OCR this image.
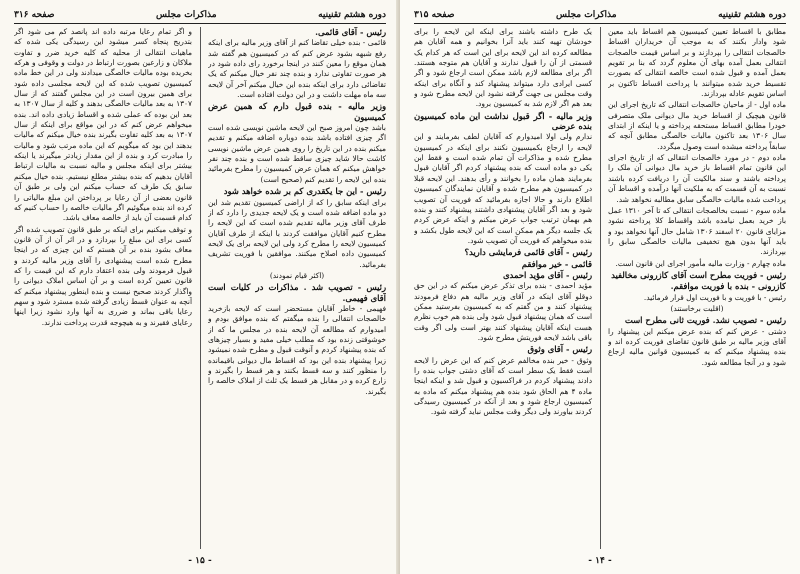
دوره هشتم تقنینیه
مذاکرات مجلس
صفحه ۳۱۶

رئیس - آقای قائمی.

قائمی - بنده خیلی تقاضا کنم از آقای وزیر مالیه برای اینکه رفع شبهه بشود عرض کنم که در کمیسیون هم گفته شد همان موقع را معین کنند در اینجا برخورد رای داده شود در هر صورت تفاوتی ندارد و بنده چند نفر خیال میکنم که یک تقاضائی دارد برای اینکه بنده این خیال میکنم آخر آن لایحه سه ماه مهلت داشت و در این دولت افتاده است.

وزیر مالیه - بنده قبول دارم که همین عرض کمیسیون

باشد چون امروز صبح این لایحه ماشین نویسی شده است اگر چیزی افتاده باشد بنده دوباره اضافه میکنم و تقدیم میکنم بنده در این تاریخ را روی همین عرض ماشین نویسی کاشت حالا شاید چیزی ساقط شده است و بنده چند نفر خواهش میکنم که همان عرض کمیسیون را مطرح بفرمائید بنده این لایحه را تقدیم کنم (صحیح است)

رئیس - این جا یکقدری کم بر شده خواهد شود

برای اینکه سابق را که از اراضی کمیسیون تقدیم شد این دو ماده اضافه شده است و یک لایحه جدیدی را دارد که از طرف آقای وزیر مالیه تقدیم شده است که این لایحه را مطرح کنیم آقایان موافقت کردند با اینکه از طرف آقایان کمیسیون لایحه را مطرح کرد ولی این لایحه برای یک لایحه کمیسیون داده اصلاح میکنند. موافقین با فوریت تشریف بفرمائید.

(اکثر قیام نمودند)

رئیس - تصویب شد . مذاکرات در کلیات است آقای فهیمی.

فهیمی - خاطر آقایان مستحضر است که لایحه بازخرید خالصجات انتقالی را بنده میگفتم که بنده موافق بودم و امیدوارم که مطالعه آن لایحه بنده در مجلس ما که از خوشوقتی زنده بود که مطلب خیلی مفید و بسیار چیزهای که بنده پیشنهاد کردم و آنوقت قبول و مطرح شده نمیشود زیرا پیشنهاد بنده این بود که اقساط مال دیوانی باقیمانده را منظور کنند و سه قسط بکنند و هر قسط را بگیرند و زارع کرده و در مقابل هر قسط یک ثلث از املاک خالصه را بگیرند.

و اگر تمام رعایا مرتبه داده اند پانصد کم می شود اگر بتدریج پنجاه کسر میشود این رسیدگی یکی شده که ماهیات انتقالی از محلیه که کلیه خرید ضرر و تفاوت ملاکان و زارعین بصورت ارتباط در دولت و وقوفی و هرکه بخریده بوده مالیات خالصگی میدادند ولی در این خط ماده کمیسیون تصویب شده که این لایحه مجلسی داده شود برای همین بیرون است در این مجلس گفتند که از سال ۱۳۰۷ به بعد مالیات خالصگی بدهند و کلیه از سال ۱۳۰۷ به بعد این بوده که عملی شده و اقساط زیادی داده اند. بنده میخواهم عرض کنم که در این مواقع برای اینکه از سال ۱۳۰۷ به بعد کلیه تفاوت بگیرند بنده خیال میکنم که مالیات بدهند این بود که میگویم که این ماده مرتب شود و مالیات را مبادرت کرد و بنده از این مقدار زیادتر میگیرند یا اینکه بیشتر برای اینکه مجلس و مالیه نسبت به مالیات ارتباط آقایان بدهیم که بنده بیشتر مطلع نیستیم. بنده خیال میکنم سابق یک طرف که حساب میکنم این ولی بر طبق آن قانون بعضی از آن رعایا بر پرداختن این مبلغ مالیاتی را کرده اند بنده میگوئیم اگر مالیات خالصه را حساب کنیم که کدام قسمت آن باید از خالصه معاف باشد.

و توقف میکنیم برای اینکه بر طبق قانون تصویب شده اگر کسی برای این مبلغ را بپردازد و در اثر آن از آن قانون معاف بشود بنده بر آن هستم که این چیزی که در اینجا مطرح شده است پیشنهادی را آقای وزیر مالیه کردند و قبول فرمودند ولی بنده اعتقاد دارم که این قیمت را که قانون تعیین کرده است و بر آن اساس املاک دیوانی را واگذار کردند صحیح نیست و بنده اینطور پیشنهاد میکنم که آنچه به عنوان قسط زیادی گرفته شده مسترد شود و سهم رعایا باقی بماند و ضرری به آنها وارد نشود زیرا اینها رعایای فقیرند و به هیچوجه قدرت پرداخت ندارند.

- ۱۵ -
دوره هشتم تقنینیه
مذاکرات مجلس
صفحه ۳۱۵

مطابق با اقساط تعیین کمیسیون هم اقساط باید معین شود وادار بکنند که به موجب آن خریداران اقساط خالصجات انتقالی را بپردازند و بر اساس قیمت خالصجات انتقالی بعمل آمده بهای آن معلوم گردد که بنا بر تقویم بعمل آمده و قبول شده است خالصه انتقالی که بصورت تقسیط خرید شده میتوانند با پرداخت اقساط تاکنون بر اساس تقویم عادله بپردازند.

ماده اول - از ماحیان خالصجات انتقالی که تاریخ اجرای این قانون هیچیک از اقساط خرید مال دیوانی ملک متصرفی خودرا مطابق اقساط مستحقه پرداخته و یا اینکه از ابتدای سال ۱۳۰۶ بعد تاکنون مالیات خالصگی مطابق آنچه که سابقاً پرداخته میشده است وصول میگردد.

ماده دوم - در مورد خالصجات انتقالی که از تاریخ اجرای این قانون تمام اقساط باز خرید مال دیوانی آن ملک را پرداخته باشند و سند مالکیت آن را دریافت کرده باشند نسبت به آن قسمت که به ملکیت آنها درآمده و اقساط آن پرداخت شده مالیات خالصگی سابق مطالبه نخواهد شد.

ماده سوم - نسبت بخالصجات انتقالی که تا آخر ۱۳۱۰ عمل باز خرید بعمل نیامده باشد واقساط کلا پرداخته نشود مزایای قانون ۲۰ اسفند ۱۳۰۶ شامل حال آنها نخواهد بود و باید آنها بدون هیچ تخفیفی مالیات خالصگی سابق را بپردازند.

ماده چهارم - وزارت مالیه مأمور اجرای این قانون است.

رئیس - فوریت مطرح است آقای کازرونی مخالفید

کازرونی - بنده با فوریت موافقم.

رئیس - با فوریت و با فوریت اول قرار فرمائید.

(اقلیت برخاستند)

رئیس - تصویب نشد. فوریت ثانی مطرح است

دشتی - عرض کنم که بنده عرض میکنم این پیشنهاد را آقای وزیر مالیه بر طبق قانون تقاضای فوریت کرده اند و بنده پیشنهاد میکنم که به کمیسیون قوانین مالیه ارجاع شود و در آنجا مطالعه شود.

یک طرح داشته باشند برای اینکه این لایحه را برای خودشان تهیه کنند باید آنرا بخوانیم و همه آقایان هم مطالعه کرده اند این لایحه برای این است که هر کدام یک قسمتی از آن را قبول ندارند و آقایان هم متوجه هستند. اگر برای مطالعه لازم باشد ممکن است ارجاع شود و اگر کسی ایرادی دارد میتواند پیشنهاد کند و آنگاه برای اینکه وقت مجلس بی جهت گرفته نشود این لایحه مطرح شود و بعد هم اگر لازم شد به کمیسیون برود.

وزیر مالیه - اگر قبول نداشت این ماده کمیسیون بنده عرضی

ندارم ولی اولا امیدوارم که آقایان لطف بفرمایند و این لایحه را ارجاع بکمیسیون نکنند برای اینکه در کمیسیون مطرح شده و مذاکرات آن تمام شده است و فقط این یکی دو ماده است که بنده پیشنهاد کردم اگر آقایان قبول بفرمایند همان ماده را بخوانند و رأی بدهند. این لایحه قبلا در کمیسیون هم مطرح شده و آقایان نمایندگان کمیسیون اطلاع دارند و حالا اجازه بفرمائید که فوریت آن تصویب شود و بعد اگر آقایان پیشنهادی داشتند پیشنهاد کنند و بنده هم بهمان ترتیب جواب عرض میکنم و اینکه عرض کردم یک جلسه دیگر هم ممکن است که این لایحه طول بکشد و بنده میخواهم که فوریت آن تصویب شود.

رئیس - آقای قائمی فرمایشی دارید؟

قائمی - خیر موافقم

رئیس - آقای مؤید احمدی

مؤید احمدی - بنده برای تذکر عرض میکنم که در این حق دوقلو آقای اینکه در آقای وزیر مالیه هم دفاع فرمودند پیشنهاد کنند و من گفتم که به کمیسیون بفرستید ممکن است که همان پیشنهاد قبول شود ولی بنده هم خوب نظرم هست اینکه آقایان پیشنهاد کنند بهتر است ولی اگر وقت باقی باشد لایحه فوریتش مطرح شود.

رئیس - آقای وثوق

وثوق - خیر بنده مخالفم عرض کنم که این عرض را لایحه است فقط یک سطر است که آقای دشتی جواب بنده را دادند پیشنهاد کردم در فراکسیون و قبول شد و اینکه اینجا ماده ۴ هم الحاق شود بنده هم پیشنهاد میکنم که ماده به کمیسیون ارجاع شود و بعد از آنکه در کمیسیون رسیدگی کردند بیاورند ولی دیگر وقت مجلس نباید گرفته شود.

- ۱۴ -
